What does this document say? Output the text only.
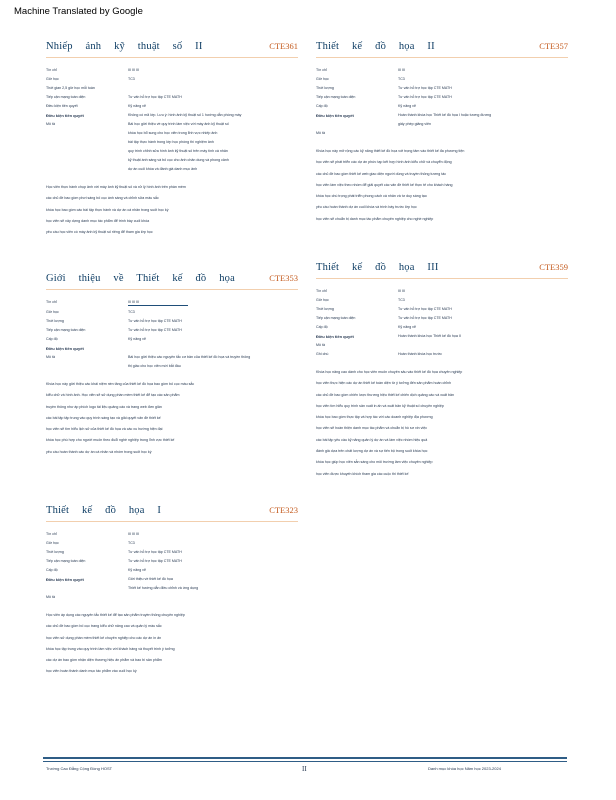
Machine Translated by Google
Nhiếp ảnh kỹ thuật số II	CTE361
Tín chỉ	III III III
Giờ học	TC3
Thời gian 2,5 giờ học mỗi tuần
Tiếp cận mạng toàn diện	Tư vấn hỗ trợ học tập CTE MATH
Điều kiện tiên quyết	Kỹ năng vẽ
Điều kiện tiên quyết	Không có mã lớp. Lưu ý: hình ảnh kỹ thuật số 1 hướng dẫn phòng máy
Mô tả	Bài học giới thiệu về quy trình làm việc với máy ảnh kỹ thuật số
khóa học bổ sung cho học viên trong lĩnh vực nhiếp ảnh
bài tập thực hành trong lớp học phòng thí nghiệm ảnh
quy trình chỉnh sửa hình ảnh kỹ thuật số trên máy tính cá nhân
kỹ thuật ánh sáng và bố cục cho ảnh chân dung và phong cảnh
dự án cuối khóa và đánh giá danh mục ảnh
Học viên thực hành chụp ảnh với máy ảnh kỹ thuật số và xử lý hình ảnh trên phần mềm
các chủ đề bao gồm phơi sáng bố cục ánh sáng và chỉnh sửa màu sắc
khóa học bao gồm các bài tập thực hành và dự án cá nhân trong suốt học kỳ
học viên sẽ xây dựng danh mục tác phẩm để trình bày cuối khóa
yêu cầu học viên có máy ảnh kỹ thuật số riêng để tham gia lớp học
Giới thiệu về Thiết kế đồ họa	CTE353
Tín chỉ	III III III
Giờ học	TC3
Thời lượng	Tư vấn hỗ trợ học tập CTE MATH
Tiếp cận mạng toàn diện	Tư vấn hỗ trợ học tập CTE MATH
Cấp độ	Kỹ năng vẽ
Điều kiện tiên quyết
Mô tả	Bài học giới thiệu các nguyên tắc cơ bản của thiết kế đồ họa và truyền thông
thị giác cho học viên mới bắt đầu
Khóa học này giới thiệu các khái niệm nền tảng của thiết kế đồ họa bao gồm bố cục màu sắc
kiểu chữ và hình ảnh. Học viên sẽ sử dụng phần mềm thiết kế để tạo các sản phẩm
truyền thông như áp phích logo tài liệu quảng cáo và trang web đơn giản
các bài tập tập trung vào quy trình sáng tạo và giải quyết vấn đề thiết kế
học viên sẽ tìm hiểu lịch sử của thiết kế đồ họa và các xu hướng hiện đại
khóa học phù hợp cho người muốn theo đuổi nghề nghiệp trong lĩnh vực thiết kế
yêu cầu hoàn thành các dự án cá nhân và nhóm trong suốt học kỳ
Thiết kế đồ họa I	CTE323
Tín chỉ	III III III
Giờ học	TC3
Thời lượng	Tư vấn hỗ trợ học tập CTE MATH
Tiếp cận mạng toàn diện	Tư vấn hỗ trợ học tập CTE MATH
Cấp độ	Kỹ năng vẽ
Điều kiện tiên quyết	Giới thiệu về thiết kế đồ họa
Thiết kế hướng dẫn điều chỉnh và ứng dụng
Mô tả
Học viên áp dụng các nguyên tắc thiết kế để tạo sản phẩm truyền thông chuyên nghiệp
các chủ đề bao gồm bố cục trang kiểu chữ nâng cao và quản lý màu sắc
học viên sử dụng phần mềm thiết kế chuyên nghiệp cho các dự án in ấn
khóa học tập trung vào quy trình làm việc với khách hàng và thuyết trình ý tưởng
các dự án bao gồm nhận diện thương hiệu ấn phẩm và bao bì sản phẩm
học viên hoàn thành danh mục tác phẩm vào cuối học kỳ
Thiết kế đồ họa II	CTE357
Tín chỉ	III III
Giờ học	TC3
Thời lượng	Tư vấn hỗ trợ học tập CTE MATH
Tiếp cận mạng toàn diện	Tư vấn hỗ trợ học tập CTE MATH
Cấp độ	Kỹ năng vẽ
Điều kiện tiên quyết	Hoàn thành khóa học Thiết kế đồ họa I hoặc tương đương
giấy phép giảng viên
Mô tả
Khóa học này mở rộng các kỹ năng thiết kế đồ họa với trọng tâm vào thiết kế đa phương tiện
học viên sẽ phát triển các dự án phức tạp kết hợp hình ảnh kiểu chữ và chuyển động
các chủ đề bao gồm thiết kế web giao diện người dùng và truyền thông tương tác
học viên làm việc theo nhóm để giải quyết các vấn đề thiết kế thực tế cho khách hàng
khóa học chú trọng phát triển phong cách cá nhân và tư duy sáng tạo
yêu cầu hoàn thành dự án cuối khóa và trình bày trước lớp học
học viên sẽ chuẩn bị danh mục tác phẩm chuyên nghiệp cho nghề nghiệp
Thiết kế đồ họa III	CTE359
Tín chỉ	III III
Giờ học	TC3
Thời lượng	Tư vấn hỗ trợ học tập CTE MATH
Tiếp cận mạng toàn diện	Tư vấn hỗ trợ học tập CTE MATH
Cấp độ	Kỹ năng vẽ
Điều kiện tiên quyết	Hoàn thành khóa học Thiết kế đồ họa II
Mô tả
Ghi chú	Hoàn thành khóa học trước
Khóa học nâng cao dành cho học viên muốn chuyên sâu vào thiết kế đồ họa chuyên nghiệp
học viên thực hiện các dự án thiết kế toàn diện từ ý tưởng đến sản phẩm hoàn chỉnh
các chủ đề bao gồm chiến lược thương hiệu thiết kế chiến dịch quảng cáo và xuất bản
học viên tìm hiểu quy trình sản xuất in ấn và xuất bản kỹ thuật số chuyên nghiệp
khóa học bao gồm thực tập và hợp tác với các doanh nghiệp địa phương
học viên sẽ hoàn thiện danh mục tác phẩm và chuẩn bị hồ sơ xin việc
các bài tập yêu cầu kỹ năng quản lý dự án và làm việc nhóm hiệu quả
đánh giá dựa trên chất lượng dự án và sự tiến bộ trong suốt khóa học
khóa học giúp học viên sẵn sàng cho môi trường làm việc chuyên nghiệp
học viên được khuyến khích tham gia các cuộc thi thiết kế
Trường Cao Đẳng Cộng Đồng HOST	II	Danh mục khóa học Năm học 2023-2024
